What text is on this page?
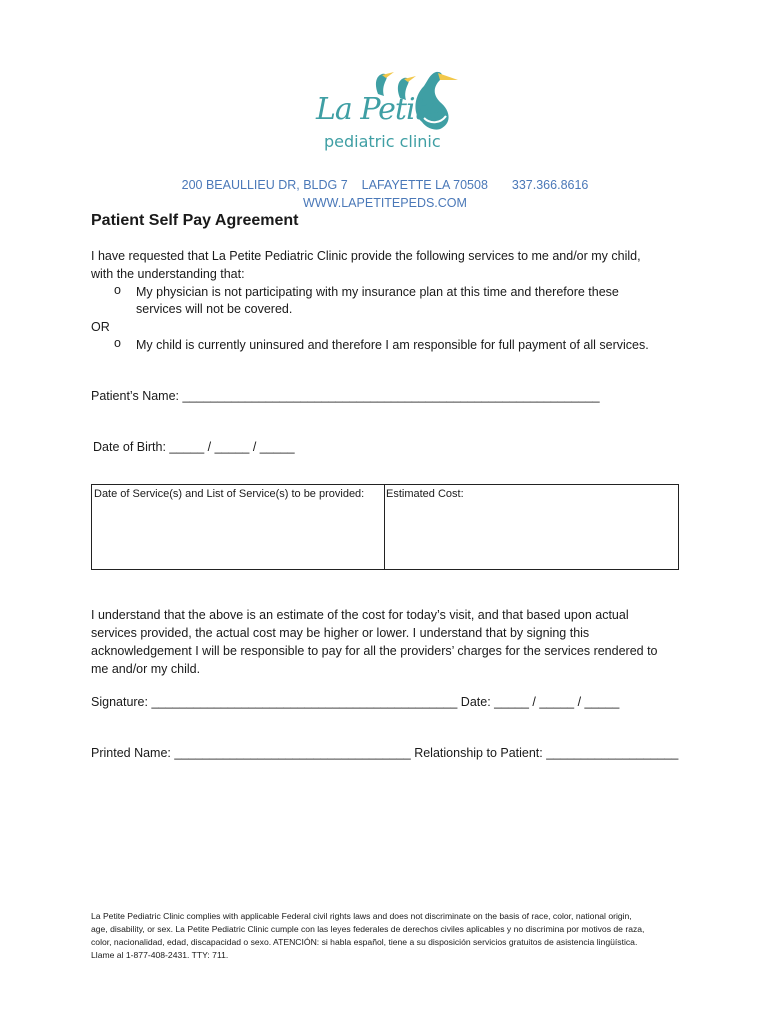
La Petite
pediatric clinic
200 BEAULLIEU DR, BLDG 7 LAFAYETTE LA 70508 337.366.8616
WWW.LAPETITEPEDS.COM
Patient Self Pay Agreement
I have requested that La Petite Pediatric Clinic provide the following services to me and/or my child,
with the understanding that:
o My physician is not participating with my insurance plan at this time and therefore these
services will not be covered.
OR
o My child is currently uninsured and therefore I am responsible for full payment of all services.
Patient’s Name: ____________________________________________________________
Date of Birth: _____ / _____ / _____
Date of Service(s) and List of Service(s) to be provided: Estimated Cost:
I understand that the above is an estimate of the cost for today’s visit, and that based upon actual
services provided, the actual cost may be higher or lower. I understand that by signing this
acknowledgement I will be responsible to pay for all the providers’ charges for the services rendered to
me and/or my child.
Signature: ____________________________________________ Date: _____ / _____ / _____
Printed Name: __________________________________ Relationship to Patient: ___________________
La Petite Pediatric Clinic complies with applicable Federal civil rights laws and does not discriminate on the basis of race, color, national origin,
age, disability, or sex. La Petite Pediatric Clinic cumple con las leyes federales de derechos civiles aplicables y no discrimina por motivos de raza,
color, nacionalidad, edad, discapacidad o sexo. ATENCIÓN: si habla español, tiene a su disposición servicios gratuitos de asistencia lingüística.
Llame al 1-877-408-2431. TTY: 711.
